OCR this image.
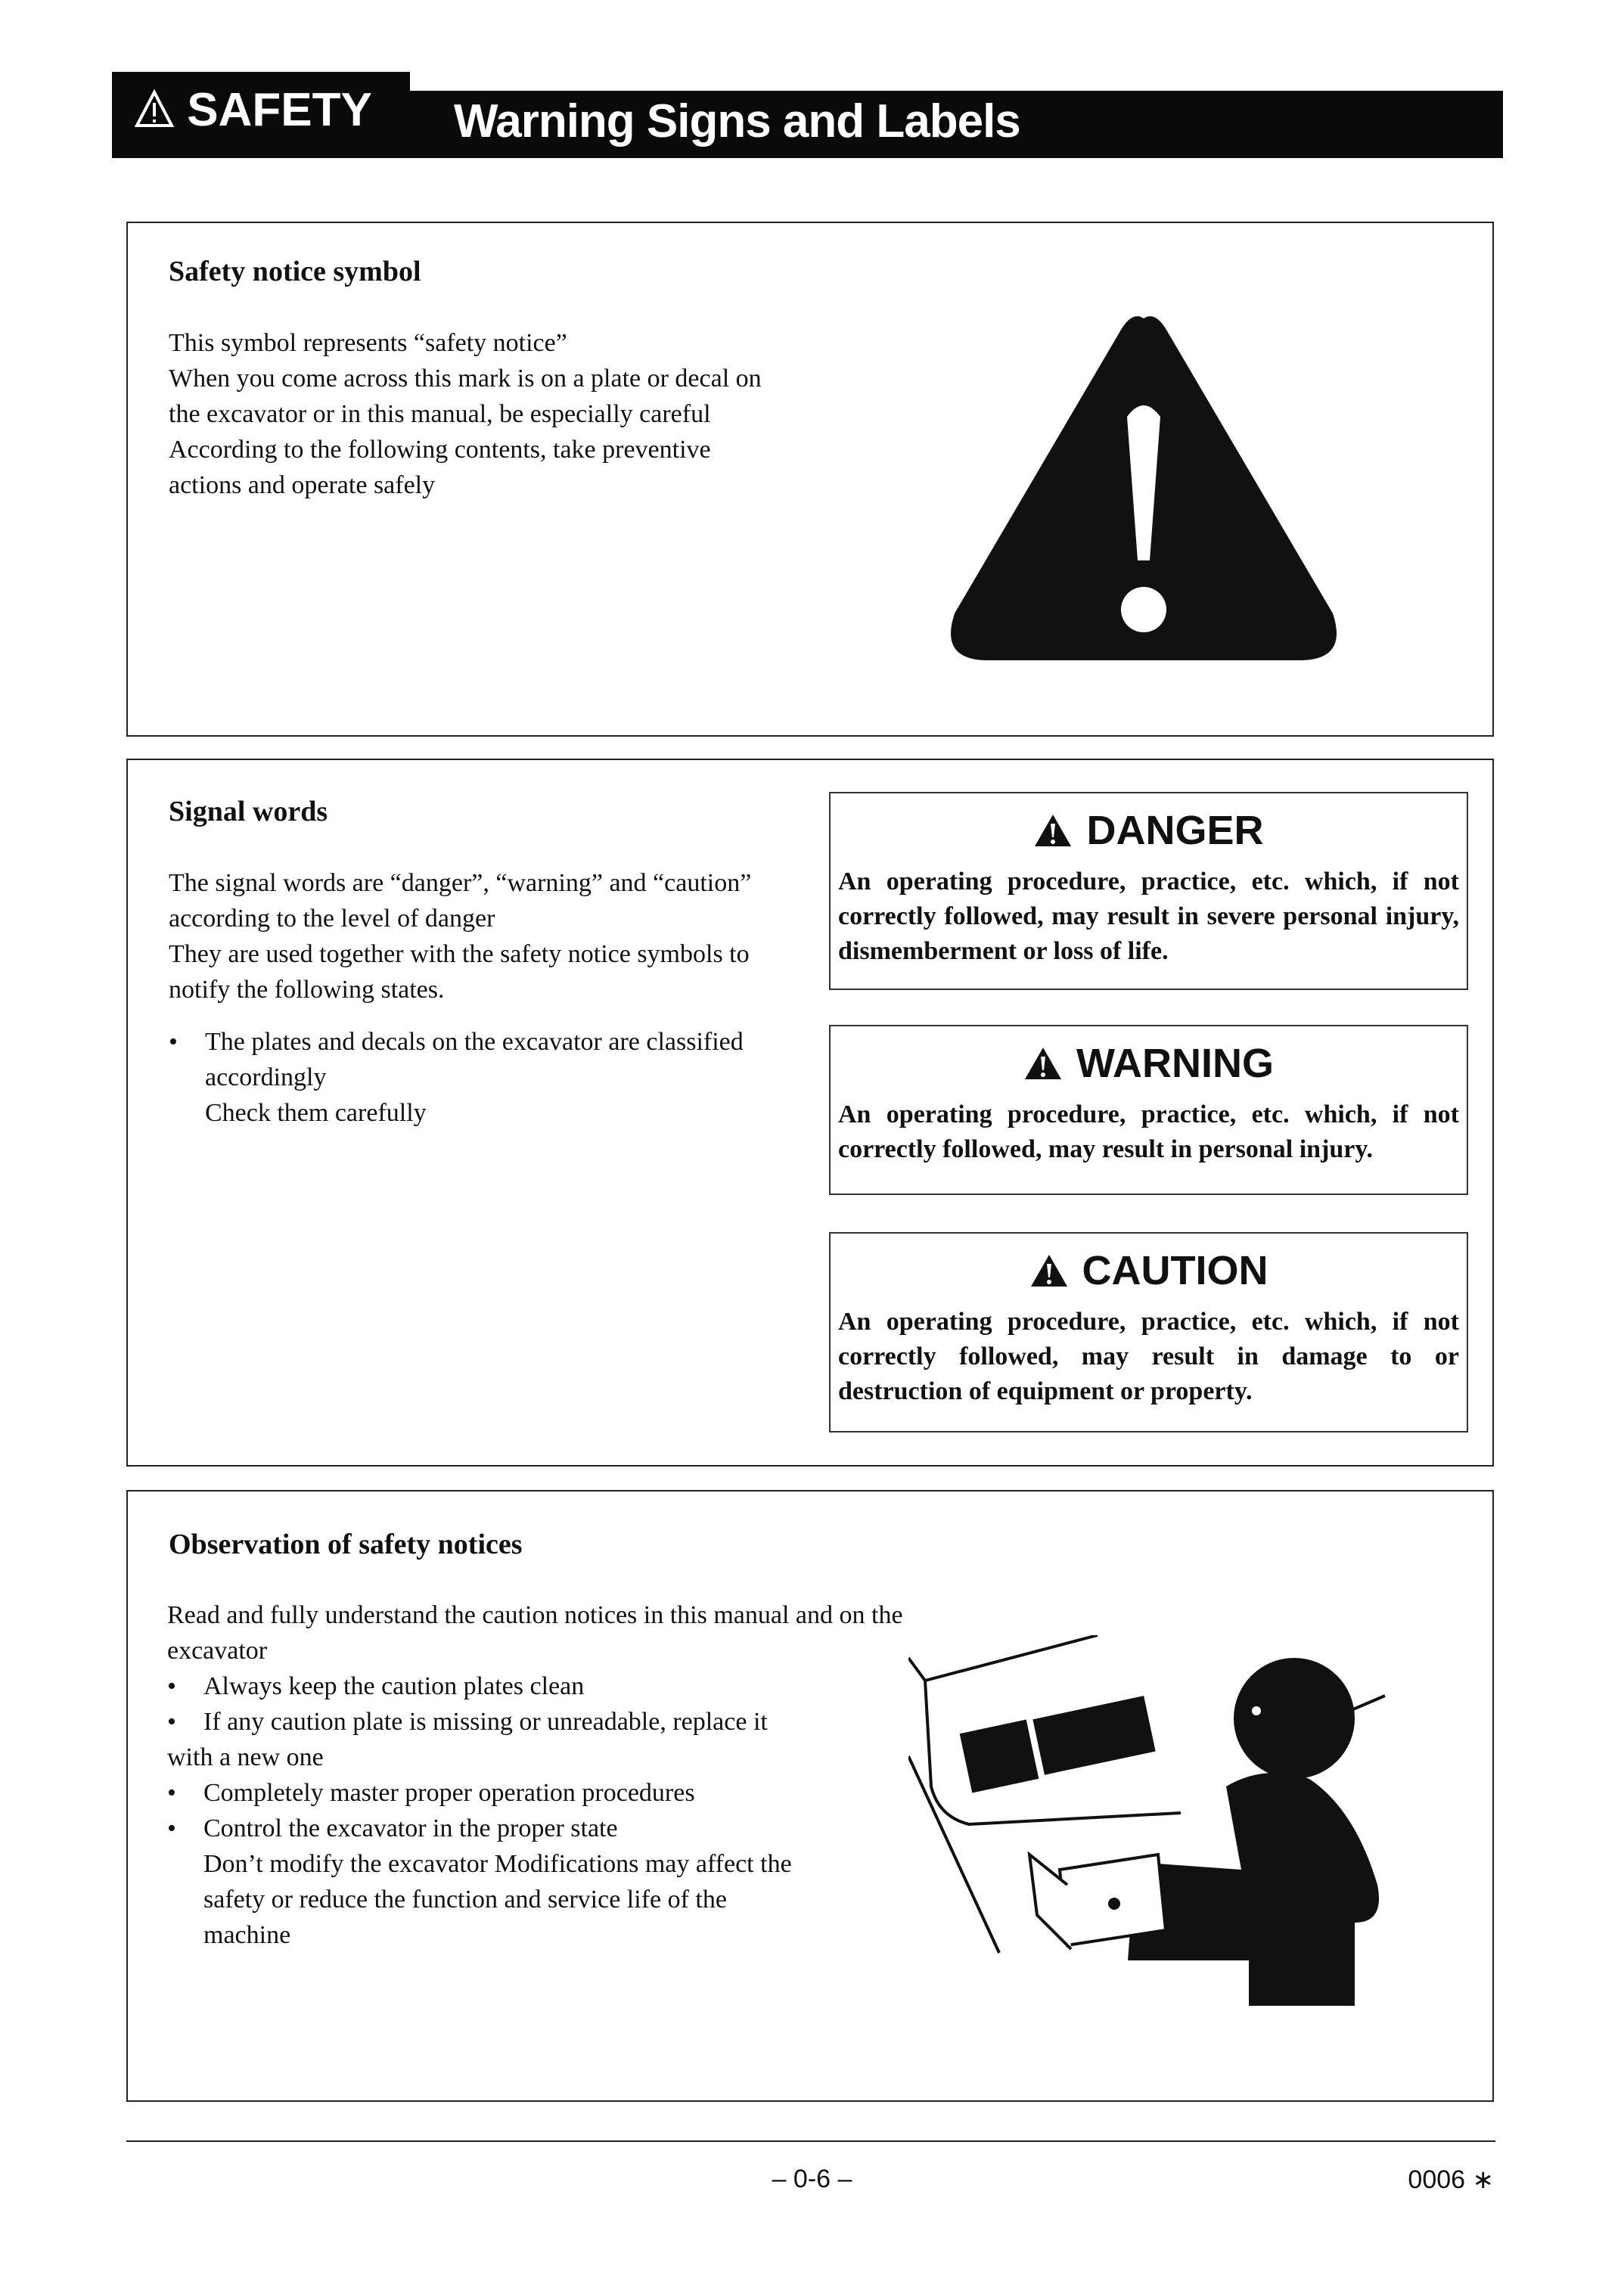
SAFETY Warning Signs and Labels
Safety notice symbol
This symbol represents “safety notice”
When you come across this mark is on a plate or decal on
the excavator or in this manual, be especially careful
According to the following contents, take preventive
actions and operate safely
Signal words
The signal words are “danger”, “warning” and “caution”
according to the level of danger
They are used together with the safety notice symbols to
notify the following states.
• The plates and decals on the excavator are classified accordingly
Check them carefully
DANGER
An operating procedure, practice, etc. which, if not correctly followed, may result in severe personal injury, dismemberment or loss of life.
WARNING
An operating procedure, practice, etc. which, if not correctly followed, may result in personal injury.
CAUTION
An operating procedure, practice, etc. which, if not correctly followed, may result in damage to or destruction of equipment or property.
Observation of safety notices
Read and fully understand the caution notices in this manual and on the excavator
• Always keep the caution plates clean
• If any caution plate is missing or unreadable, replace it
with a new one
• Completely master proper operation procedures
• Control the excavator in the proper state
Don’t modify the excavator Modifications may affect the safety or reduce the function and service life of the machine
– 0-6 –	0006 ∗
